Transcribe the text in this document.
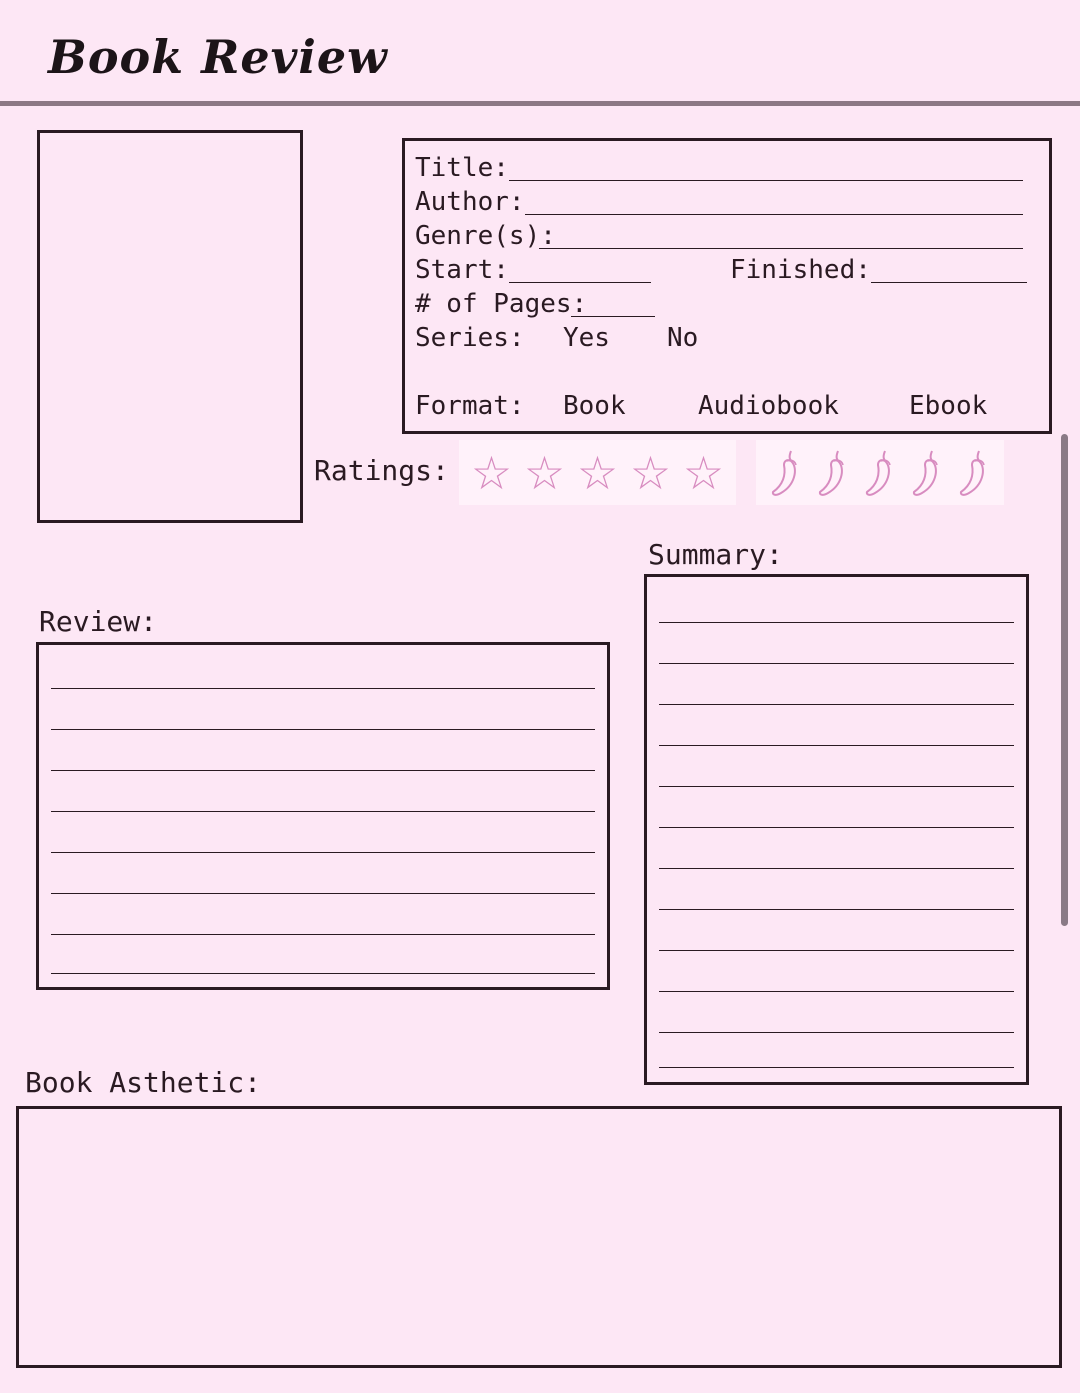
Book Review
Title:
Author:
Genre(s):
Start:	Finished:
# of Pages:
Series: Yes No
Format: Book	Audiobook	Ebook
Ratings: ☆ ☆ ☆ ☆ ☆
Summary:
Review:
Book Asthetic:
